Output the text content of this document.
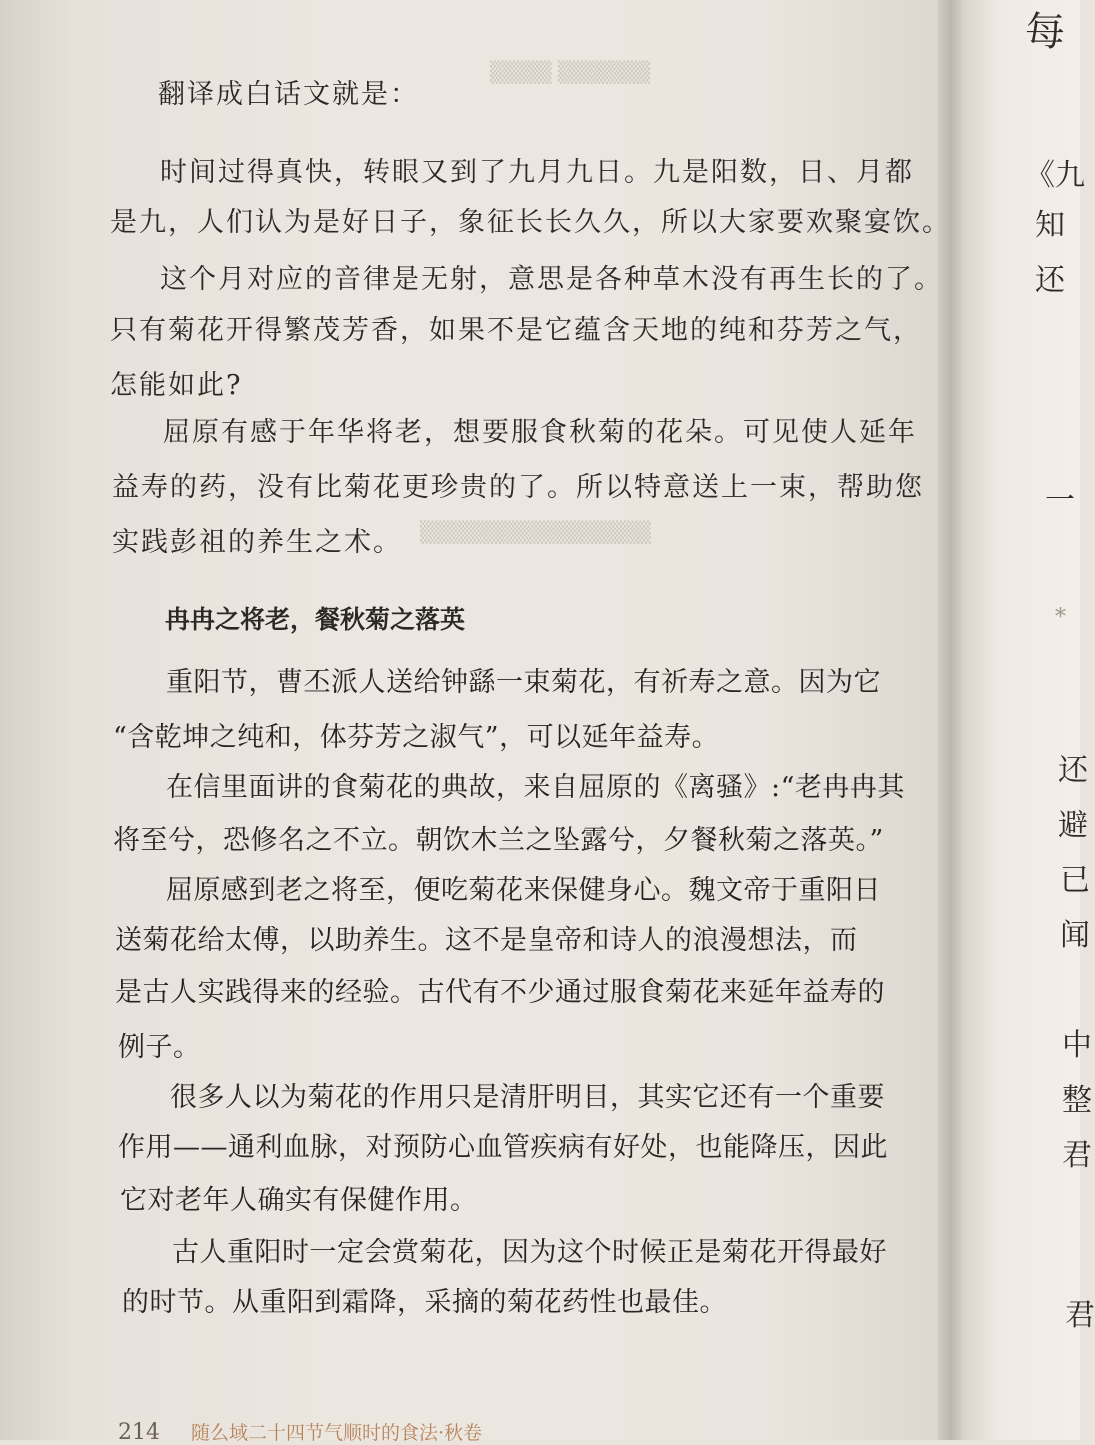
▒▒▒▒ ▒▒▒▒▒▒
▒▒▒▒▒▒▒▒▒▒▒▒▒▒▒

翻译成白话文就是：

时间过得真快，转眼又到了九月九日。九是阳数，日、月都

是九，人们认为是好日子，象征长长久久，所以大家要欢聚宴饮。

这个月对应的音律是无射，意思是各种草木没有再生长的了。

只有菊花开得繁茂芳香，如果不是它蕴含天地的纯和芬芳之气，

怎能如此?

屈原有感于年华将老，想要服食秋菊的花朵。可见使人延年

益寿的药，没有比菊花更珍贵的了。所以特意送上一束，帮助您

实践彭祖的养生之术。

冉冉之将老，餐秋菊之落英

重阳节，曹丕派人送给钟繇一束菊花，有祈寿之意。因为它

“含乾坤之纯和，体芬芳之淑气”，可以延年益寿。

在信里面讲的食菊花的典故，来自屈原的《离骚》:“老冉冉其

将至兮，恐修名之不立。朝饮木兰之坠露兮，夕餐秋菊之落英。”

屈原感到老之将至，便吃菊花来保健身心。魏文帝于重阳日

送菊花给太傅，以助养生。这不是皇帝和诗人的浪漫想法，而

是古人实践得来的经验。古代有不少通过服食菊花来延年益寿的

例子。

很多人以为菊花的作用只是清肝明目，其实它还有一个重要

作用——通利血脉，对预防心血管疾病有好处，也能降压，因此

它对老年人确实有保健作用。

古人重阳时一定会赏菊花，因为这个时候正是菊花开得最好

的时节。从重阳到霜降，采摘的菊花药性也最佳。

214 随么域二十四节气顺时的食法·秋卷
每
《九
知
还
一
*
还
避
已
闻
中
整
君
君
